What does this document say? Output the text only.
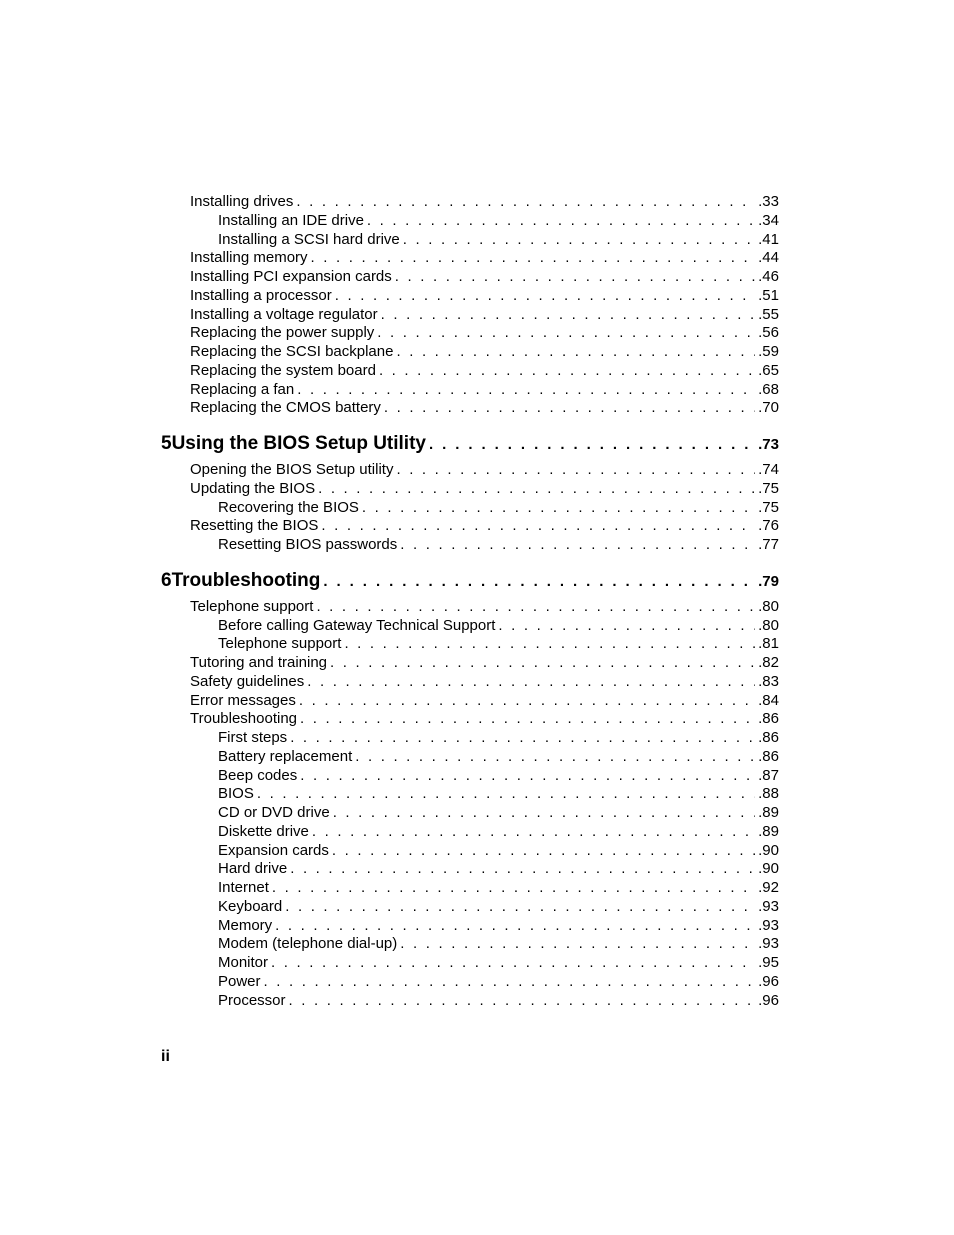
Installing drives . . .	.33
Installing an IDE drive . . .	.34
Installing a SCSI hard drive . . .	.41
Installing memory . . .	.44
Installing PCI expansion cards . . .	.46
Installing a processor . . .	.51
Installing a voltage regulator . . .	.55
Replacing the power supply . . .	.56
Replacing the SCSI backplane . . .	.59
Replacing the system board . . .	.65
Replacing a fan . . .	.68
Replacing the CMOS battery . . .	.70
5 Using the BIOS Setup Utility . . .	.73
Opening the BIOS Setup utility . . .	.74
Updating the BIOS . . .	.75
Recovering the BIOS . . .	.75
Resetting the BIOS . . .	.76
Resetting BIOS passwords . . .	.77
6 Troubleshooting . . .	.79
Telephone support . . .	.80
Before calling Gateway Technical Support . . .	.80
Telephone support . . .	.81
Tutoring and training . . .	.82
Safety guidelines . . .	.83
Error messages . . .	.84
Troubleshooting . . .	.86
First steps . . .	.86
Battery replacement . . .	.86
Beep codes . . .	.87
BIOS . . .	.88
CD or DVD drive . . .	.89
Diskette drive . . .	.89
Expansion cards . . .	.90
Hard drive . . .	.90
Internet . . .	.92
Keyboard . . .	.93
Memory . . .	.93
Modem (telephone dial-up) . . .	.93
Monitor . . .	.95
Power . . .	.96
Processor . . .	.96
ii
